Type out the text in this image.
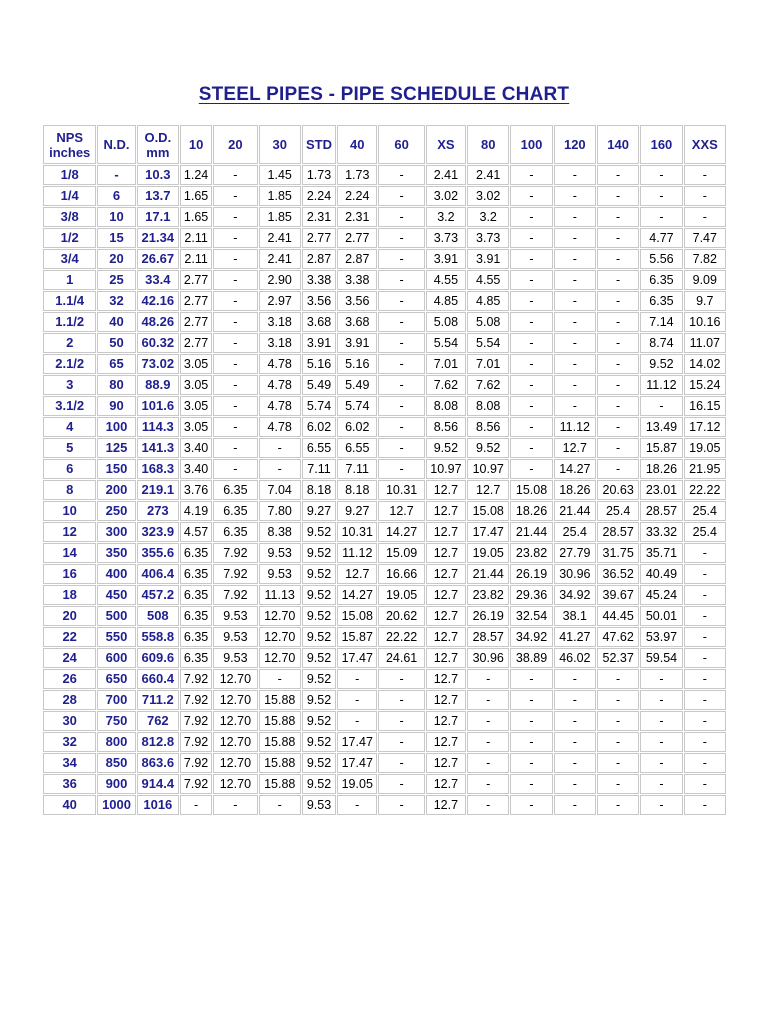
STEEL PIPES - PIPE SCHEDULE CHART
NPS inches	N.D.	O.D. mm	10	20	30	STD	40	60	XS	80	100	120	140	160	XXS
1/8	-	10.3	1.24	-	1.45	1.73	1.73	-	2.41	2.41	-	-	-	-	-
1/4	6	13.7	1.65	-	1.85	2.24	2.24	-	3.02	3.02	-	-	-	-	-
3/8	10	17.1	1.65	-	1.85	2.31	2.31	-	3.2	3.2	-	-	-	-	-
1/2	15	21.34	2.11	-	2.41	2.77	2.77	-	3.73	3.73	-	-	-	4.77	7.47
3/4	20	26.67	2.11	-	2.41	2.87	2.87	-	3.91	3.91	-	-	-	5.56	7.82
1	25	33.4	2.77	-	2.90	3.38	3.38	-	4.55	4.55	-	-	-	6.35	9.09
1.1/4	32	42.16	2.77	-	2.97	3.56	3.56	-	4.85	4.85	-	-	-	6.35	9.7
1.1/2	40	48.26	2.77	-	3.18	3.68	3.68	-	5.08	5.08	-	-	-	7.14	10.16
2	50	60.32	2.77	-	3.18	3.91	3.91	-	5.54	5.54	-	-	-	8.74	11.07
2.1/2	65	73.02	3.05	-	4.78	5.16	5.16	-	7.01	7.01	-	-	-	9.52	14.02
3	80	88.9	3.05	-	4.78	5.49	5.49	-	7.62	7.62	-	-	-	11.12	15.24
3.1/2	90	101.6	3.05	-	4.78	5.74	5.74	-	8.08	8.08	-	-	-	-	16.15
4	100	114.3	3.05	-	4.78	6.02	6.02	-	8.56	8.56	-	11.12	-	13.49	17.12
5	125	141.3	3.40	-	-	6.55	6.55	-	9.52	9.52	-	12.7	-	15.87	19.05
6	150	168.3	3.40	-	-	7.11	7.11	-	10.97	10.97	-	14.27	-	18.26	21.95
8	200	219.1	3.76	6.35	7.04	8.18	8.18	10.31	12.7	12.7	15.08	18.26	20.63	23.01	22.22
10	250	273	4.19	6.35	7.80	9.27	9.27	12.7	12.7	15.08	18.26	21.44	25.4	28.57	25.4
12	300	323.9	4.57	6.35	8.38	9.52	10.31	14.27	12.7	17.47	21.44	25.4	28.57	33.32	25.4
14	350	355.6	6.35	7.92	9.53	9.52	11.12	15.09	12.7	19.05	23.82	27.79	31.75	35.71	-
16	400	406.4	6.35	7.92	9.53	9.52	12.7	16.66	12.7	21.44	26.19	30.96	36.52	40.49	-
18	450	457.2	6.35	7.92	11.13	9.52	14.27	19.05	12.7	23.82	29.36	34.92	39.67	45.24	-
20	500	508	6.35	9.53	12.70	9.52	15.08	20.62	12.7	26.19	32.54	38.1	44.45	50.01	-
22	550	558.8	6.35	9.53	12.70	9.52	15.87	22.22	12.7	28.57	34.92	41.27	47.62	53.97	-
24	600	609.6	6.35	9.53	12.70	9.52	17.47	24.61	12.7	30.96	38.89	46.02	52.37	59.54	-
26	650	660.4	7.92	12.70	-	9.52	-	-	12.7	-	-	-	-	-	-
28	700	711.2	7.92	12.70	15.88	9.52	-	-	12.7	-	-	-	-	-	-
30	750	762	7.92	12.70	15.88	9.52	-	-	12.7	-	-	-	-	-	-
32	800	812.8	7.92	12.70	15.88	9.52	17.47	-	12.7	-	-	-	-	-	-
34	850	863.6	7.92	12.70	15.88	9.52	17.47	-	12.7	-	-	-	-	-	-
36	900	914.4	7.92	12.70	15.88	9.52	19.05	-	12.7	-	-	-	-	-	-
40	1000	1016	-	-	-	9.53	-	-	12.7	-	-	-	-	-	-
